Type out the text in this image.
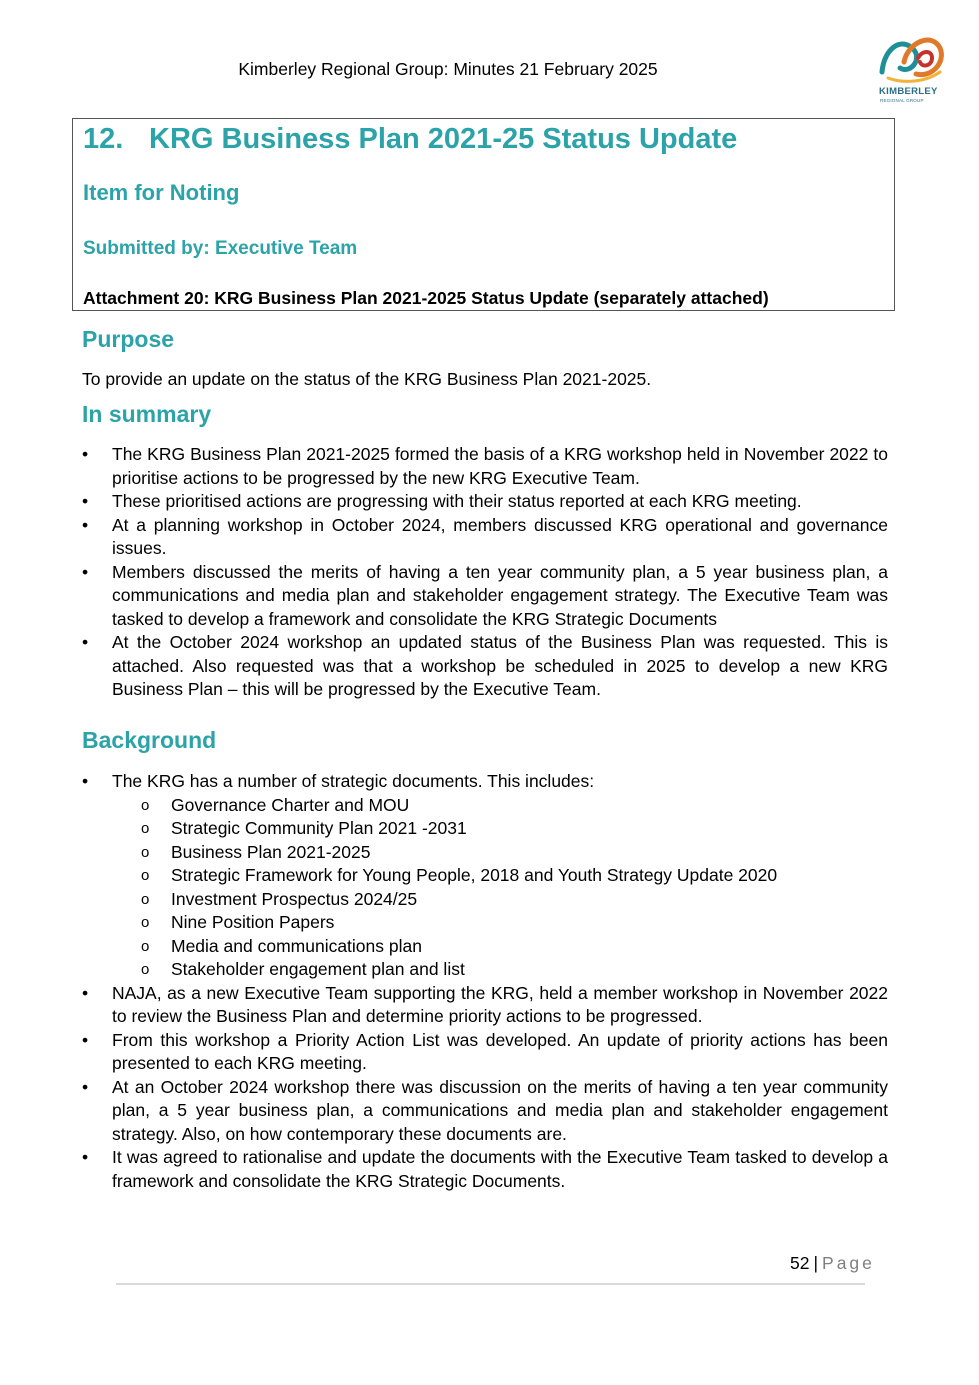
Kimberley Regional Group: Minutes 21 February 2025
KIMBERLEY
REGIONAL GROUP
12. KRG Business Plan 2021-25 Status Update
Item for Noting
Submitted by: Executive Team
Attachment 20: KRG Business Plan 2021-2025 Status Update (separately attached)
Purpose
To provide an update on the status of the KRG Business Plan 2021-2025.
In summary
• The KRG Business Plan 2021-2025 formed the basis of a KRG workshop held in November 2022 to prioritise actions to be progressed by the new KRG Executive Team.
• These prioritised actions are progressing with their status reported at each KRG meeting.
• At a planning workshop in October 2024, members discussed KRG operational and governance issues.
• Members discussed the merits of having a ten year community plan, a 5 year business plan, a communications and media plan and stakeholder engagement strategy. The Executive Team was tasked to develop a framework and consolidate the KRG Strategic Documents
• At the October 2024 workshop an updated status of the Business Plan was requested. This is attached. Also requested was that a workshop be scheduled in 2025 to develop a new KRG Business Plan – this will be progressed by the Executive Team.
Background
• The KRG has a number of strategic documents. This includes:
o Governance Charter and MOU
o Strategic Community Plan 2021 -2031
o Business Plan 2021-2025
o Strategic Framework for Young People, 2018 and Youth Strategy Update 2020
o Investment Prospectus 2024/25
o Nine Position Papers
o Media and communications plan
o Stakeholder engagement plan and list
• NAJA, as a new Executive Team supporting the KRG, held a member workshop in November 2022 to review the Business Plan and determine priority actions to be progressed.
• From this workshop a Priority Action List was developed. An update of priority actions has been presented to each KRG meeting.
• At an October 2024 workshop there was discussion on the merits of having a ten year community plan, a 5 year business plan, a communications and media plan and stakeholder engagement strategy. Also, on how contemporary these documents are.
• It was agreed to rationalise and update the documents with the Executive Team tasked to develop a framework and consolidate the KRG Strategic Documents.
52 | Page
